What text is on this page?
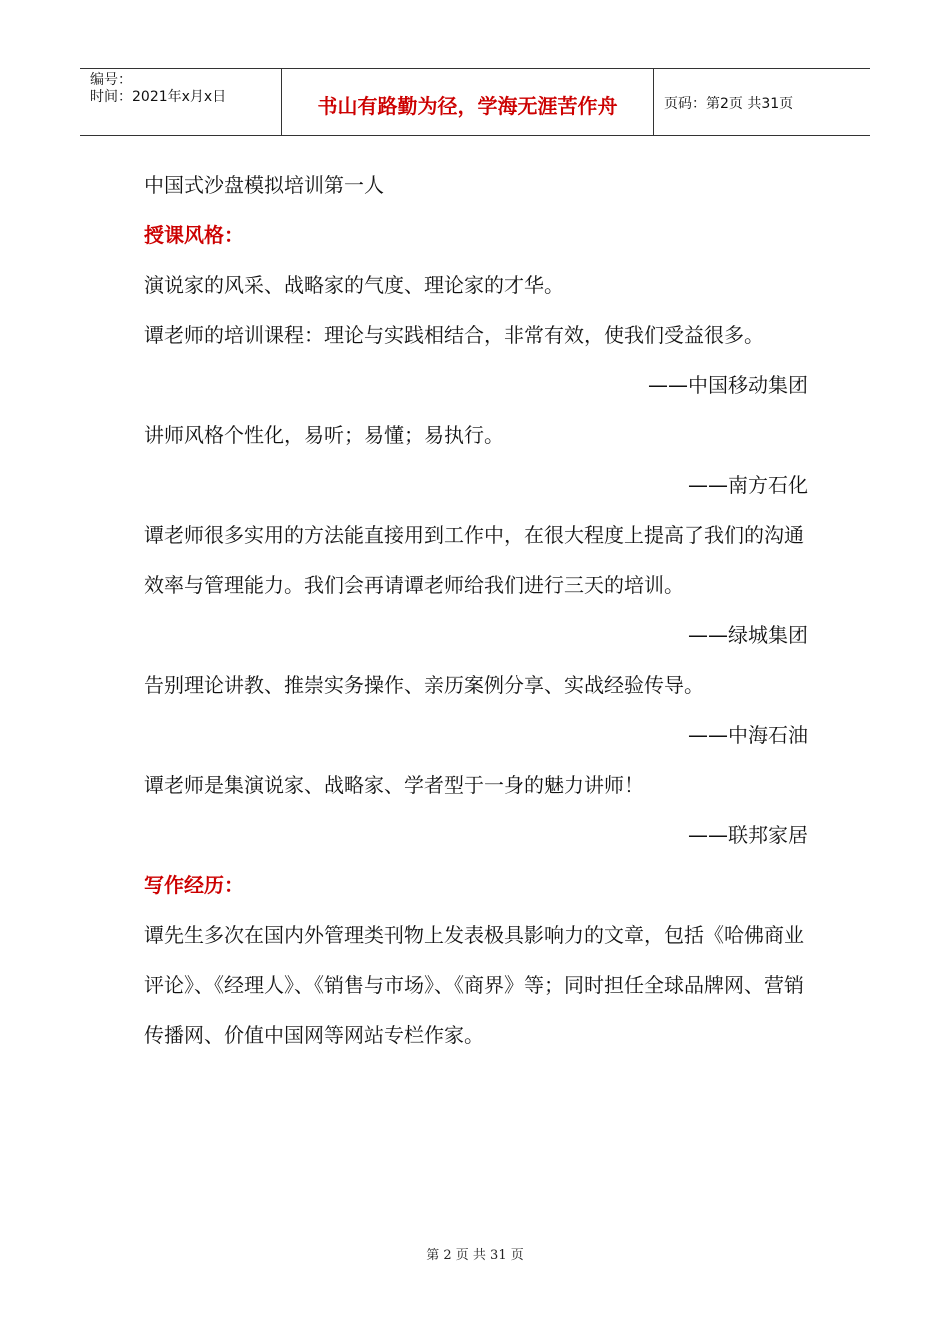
编号：
时间：2021年x月x日	书山有路勤为径，学海无涯苦作舟	页码：第2页 共31页

中国式沙盘模拟培训第一人

授课风格：

演说家的风采、战略家的气度、理论家的才华。

谭老师的培训课程：理论与实践相结合，非常有效，使我们受益很多。

——中国移动集团

讲师风格个性化，易听；易懂；易执行。

——南方石化

谭老师很多实用的方法能直接用到工作中，在很大程度上提高了我们的沟通效率与管理能力。我们会再请谭老师给我们进行三天的培训。

——绿城集团

告别理论讲教、推崇实务操作、亲历案例分享、实战经验传导。

——中海石油

谭老师是集演说家、战略家、学者型于一身的魅力讲师！

——联邦家居

写作经历：

谭先生多次在国内外管理类刊物上发表极具影响力的文章，包括《哈佛商业评论》、《经理人》、《销售与市场》、《商界》等；同时担任全球品牌网、营销传播网、价值中国网等网站专栏作家。

第 2 页 共 31 页
